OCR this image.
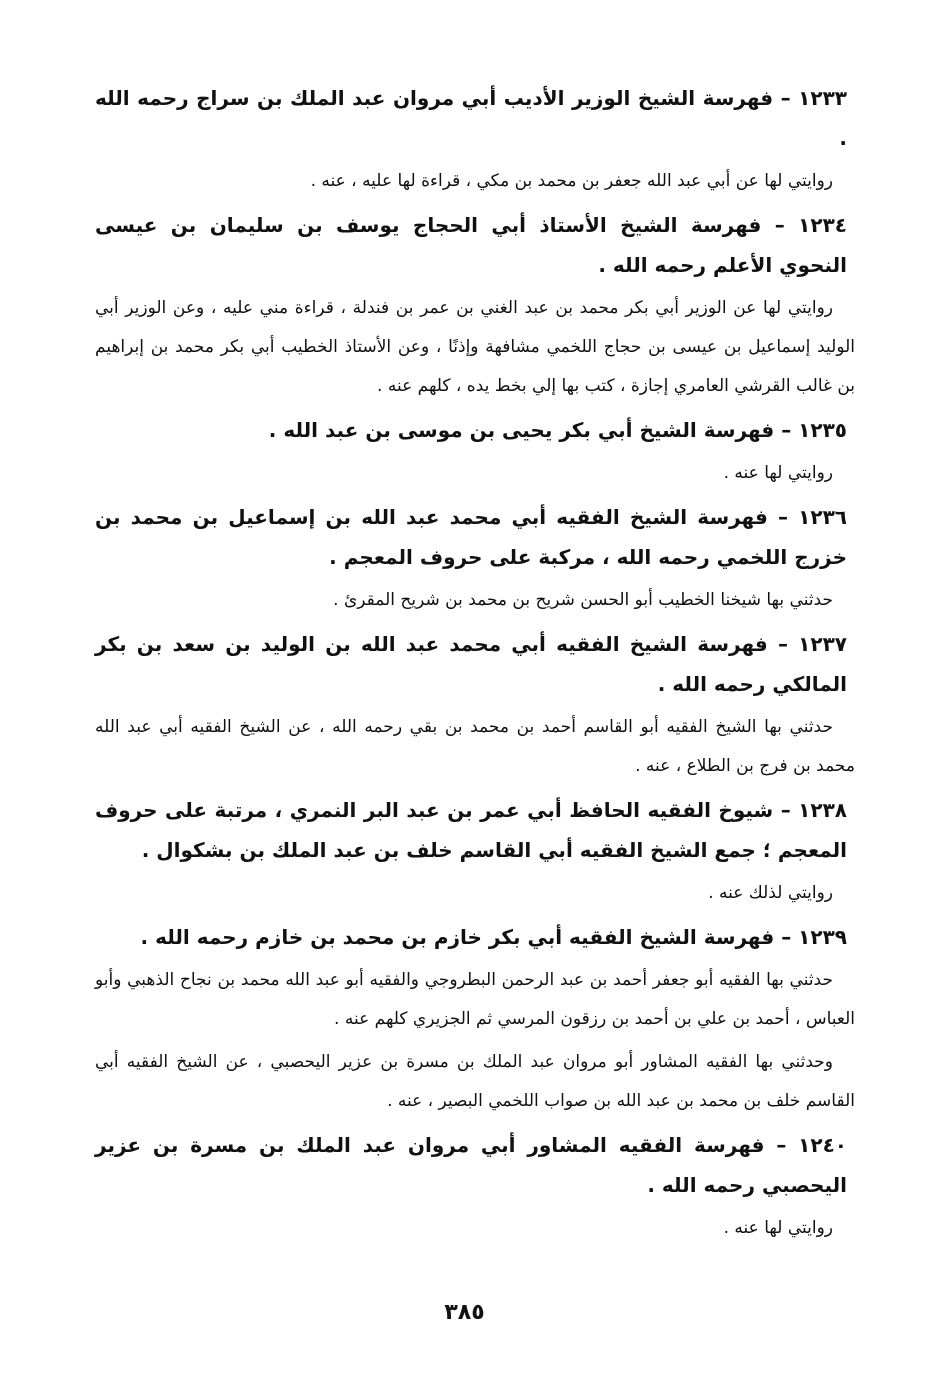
١٢٣٣ – فهرسة الشيخ الوزير الأديب أبي مروان عبد الملك بن سراج رحمه الله .

روايتي لها عن أبي عبد الله جعفر بن محمد بن مكي ، قراءة لها عليه ، عنه .

١٢٣٤ – فهرسة الشيخ الأستاذ أبي الحجاج يوسف بن سليمان بن عيسى النحوي الأعلم رحمه الله .

روايتي لها عن الوزير أبي بكر محمد بن عبد الغني بن عمر بن فندلة ، قراءة مني عليه ، وعن الوزير أبي الوليد إسماعيل بن عيسى بن حجاج اللخمي مشافهة وإذنًا ، وعن الأستاذ الخطيب أبي بكر محمد بن إبراهيم بن غالب القرشي العامري إجازة ، كتب بها إلي بخط يده ، كلهم عنه .

١٢٣٥ – فهرسة الشيخ أبي بكر يحيى بن موسى بن عبد الله .

روايتي لها عنه .

١٢٣٦ – فهرسة الشيخ الفقيه أبي محمد عبد الله بن إسماعيل بن محمد بن خزرج اللخمي رحمه الله ، مركبة على حروف المعجم .

حدثني بها شيخنا الخطيب أبو الحسن شريح بن محمد بن شريح المقرئ .

١٢٣٧ – فهرسة الشيخ الفقيه أبي محمد عبد الله بن الوليد بن سعد بن بكر المالكي رحمه الله .

حدثني بها الشيخ الفقيه أبو القاسم أحمد بن محمد بن بقي رحمه الله ، عن الشيخ الفقيه أبي عبد الله محمد بن فرج بن الطلاع ، عنه .

١٢٣٨ – شيوخ الفقيه الحافظ أبي عمر بن عبد البر النمري ، مرتبة على حروف المعجم ؛ جمع الشيخ الفقيه أبي القاسم خلف بن عبد الملك بن بشكوال .

روايتي لذلك عنه .

١٢٣٩ – فهرسة الشيخ الفقيه أبي بكر خازم بن محمد بن خازم رحمه الله .

حدثني بها الفقيه أبو جعفر أحمد بن عبد الرحمن البطروجي والفقيه أبو عبد الله محمد بن نجاح الذهبي وأبو العباس ، أحمد بن علي بن أحمد بن رزقون المرسي ثم الجزيري كلهم عنه .

وحدثني بها الفقيه المشاور أبو مروان عبد الملك بن مسرة بن عزير اليحصبي ، عن الشيخ الفقيه أبي القاسم خلف بن محمد بن عبد الله بن صواب اللخمي البصير ، عنه .

١٢٤٠ – فهرسة الفقيه المشاور أبي مروان عبد الملك بن مسرة بن عزير اليحصبي رحمه الله .

روايتي لها عنه .

٣٨٥
